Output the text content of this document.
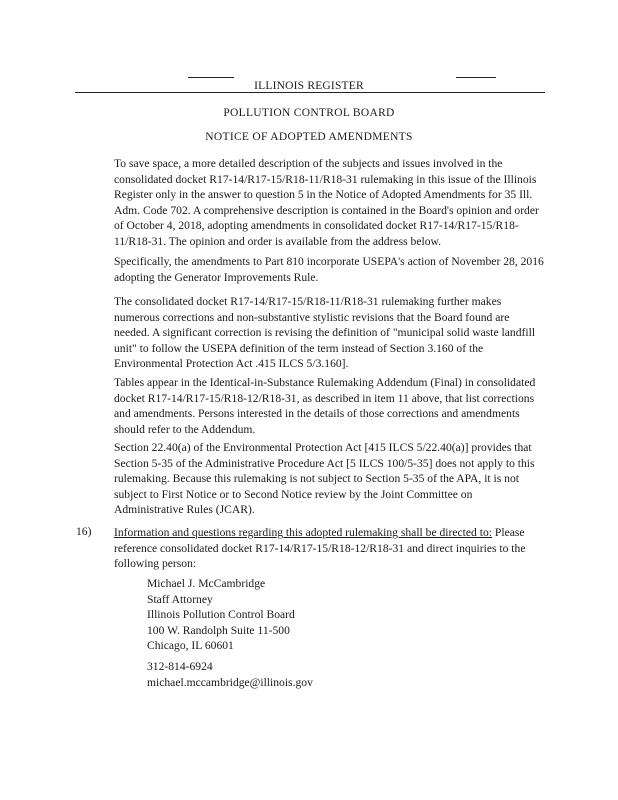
ILLINOIS REGISTER
POLLUTION CONTROL BOARD
NOTICE OF ADOPTED AMENDMENTS

To save space, a more detailed description of the subjects and issues involved in the consolidated docket R17-14/R17-15/R18-11/R18-31 rulemaking in this issue of the Illinois Register only in the answer to question 5 in the Notice of Adopted Amendments for 35 Ill. Adm. Code 702. A comprehensive description is contained in the Board's opinion and order of October 4, 2018, adopting amendments in consolidated docket R17-14/R17-15/R18-11/R18-31. The opinion and order is available from the address below.

Specifically, the amendments to Part 810 incorporate USEPA's action of November 28, 2016 adopting the Generator Improvements Rule.

The consolidated docket R17-14/R17-15/R18-11/R18-31 rulemaking further makes numerous corrections and non-substantive stylistic revisions that the Board found are needed. A significant correction is revising the definition of "municipal solid waste landfill unit" to follow the USEPA definition of the term instead of Section 3.160 of the Environmental Protection Act .415 ILCS 5/3.160].

Tables appear in the Identical-in-Substance Rulemaking Addendum (Final) in consolidated docket R17-14/R17-15/R18-12/R18-31, as described in item 11 above, that list corrections and amendments. Persons interested in the details of those corrections and amendments should refer to the Addendum.

Section 22.40(a) of the Environmental Protection Act [415 ILCS 5/22.40(a)] provides that Section 5-35 of the Administrative Procedure Act [5 ILCS 100/5-35] does not apply to this rulemaking. Because this rulemaking is not subject to Section 5-35 of the APA, it is not subject to First Notice or to Second Notice review by the Joint Committee on Administrative Rules (JCAR).

16) Information and questions regarding this adopted rulemaking shall be directed to: Please reference consolidated docket R17-14/R17-15/R18-12/R18-31 and direct inquiries to the following person:

Michael J. McCambridge
Staff Attorney
Illinois Pollution Control Board
100 W. Randolph Suite 11-500
Chicago, IL 60601
312-814-6924
michael.mccambridge@illinois.gov
